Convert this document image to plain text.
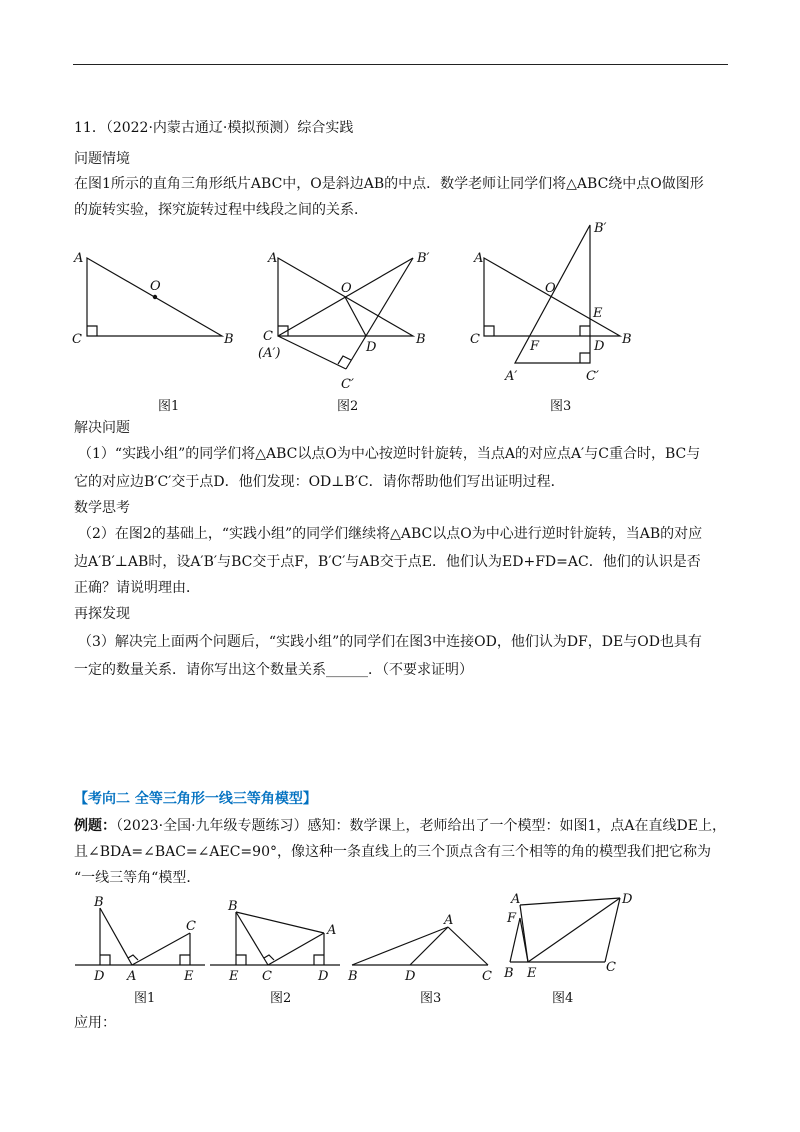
11．（2022·内蒙古通辽·模拟预测）综合实践
问题情境
在图1所示的直角三角形纸片ABC中，O是斜边AB的中点．数学老师让同学们将△ABC绕中点O做图形
的旋转实验，探究旋转过程中线段之间的关系．
A
O
C	B
图1
A	B′
O
C
(A′)	D
B
C′
图2
A
B′
O
E
C	F	D B
A′	C′
图3
解决问题
（1）“实践小组”的同学们将△ABC以点O为中心按逆时针旋转，当点A的对应点A′与C重合时，BC与
它的对应边B′C′交于点D．他们发现：OD⊥B′C．请你帮助他们写出证明过程．
数学思考
（2）在图2的基础上，“实践小组”的同学们继续将△ABC以点O为中心进行逆时针旋转，当AB的对应
边A′B′⊥AB时，设A′B′与BC交于点F，B′C′与AB交于点E．他们认为ED+FD=AC．他们的认识是否
正确？请说明理由．
再探发现
（3）解决完上面两个问题后，“实践小组”的同学们在图3中连接OD，他们认为DF，DE与OD也具有
一定的数量关系．请你写出这个数量关系______．（不要求证明）
【考向二 全等三角形一线三等角模型】
例题：（2023·全国·九年级专题练习）感知：数学课上，老师给出了一个模型：如图1，点A在直线DE上，
且∠BDA=∠BAC=∠AEC=90°，像这种一条直线上的三个顶点含有三个相等的角的模型我们把它称为
“一线三等角“模型．
B
C
D A	E
图1
B
A
E C	D
图2
A
B	D	C
图3
A	D
F
B E	C
图4
应用：
